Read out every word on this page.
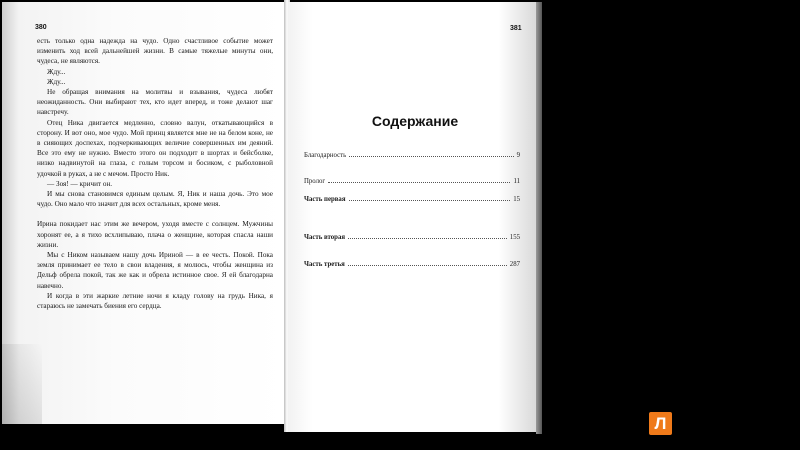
380	381

есть только одна надежда на чудо. Одно счастливое событие может изменить ход всей дальнейшей жизни. В самые тяжелые минуты они, чудеса, не являются.

Жду...

Жду...

Не обращая внимания на молитвы и взывания, чудеса любят неожиданность. Они выбирают тех, кто идет вперед, и тоже делают шаг навстречу.

Отец Ника двигается медленно, словно валун, откатывающийся в сторону. И вот оно, мое чудо. Мой принц является мне не на белом коне, не в сияющих доспехах, подчеркивающих величие совершенных им деяний. Все это ему не нужно. Вместо этого он подходит в шортах и бейсболке, низко надвинутой на глаза, с голым торсом и босиком, с рыболовной удочкой в руках, а не с мечом. Просто Ник.

— Зоя! — кричит он.

И мы снова становимся единым целым. Я, Ник и наша дочь. Это мое чудо. Оно мало что значит для всех остальных, кроме меня.

Ирина покидает нас этим же вечером, уходя вместе с солнцем. Мужчины хоронят ее, а я тихо всхлипываю, плача о женщине, которая спасла наши жизни.

Мы с Ником называем нашу дочь Ириной — в ее честь. Покой. Пока земля принимает ее тело в свои владения, я молюсь, чтобы женщина из Дельф обрела покой, так же как и обрела истинное свое. Я ей благодарна навечно.

И когда в эти жаркие летние ночи я кладу голову на грудь Ника, я стараюсь не замечать биения его сердца.

Содержание
Благодарность	9
Пролог	11
Часть первая	15
Часть вторая	155
Часть третья	287
Л
